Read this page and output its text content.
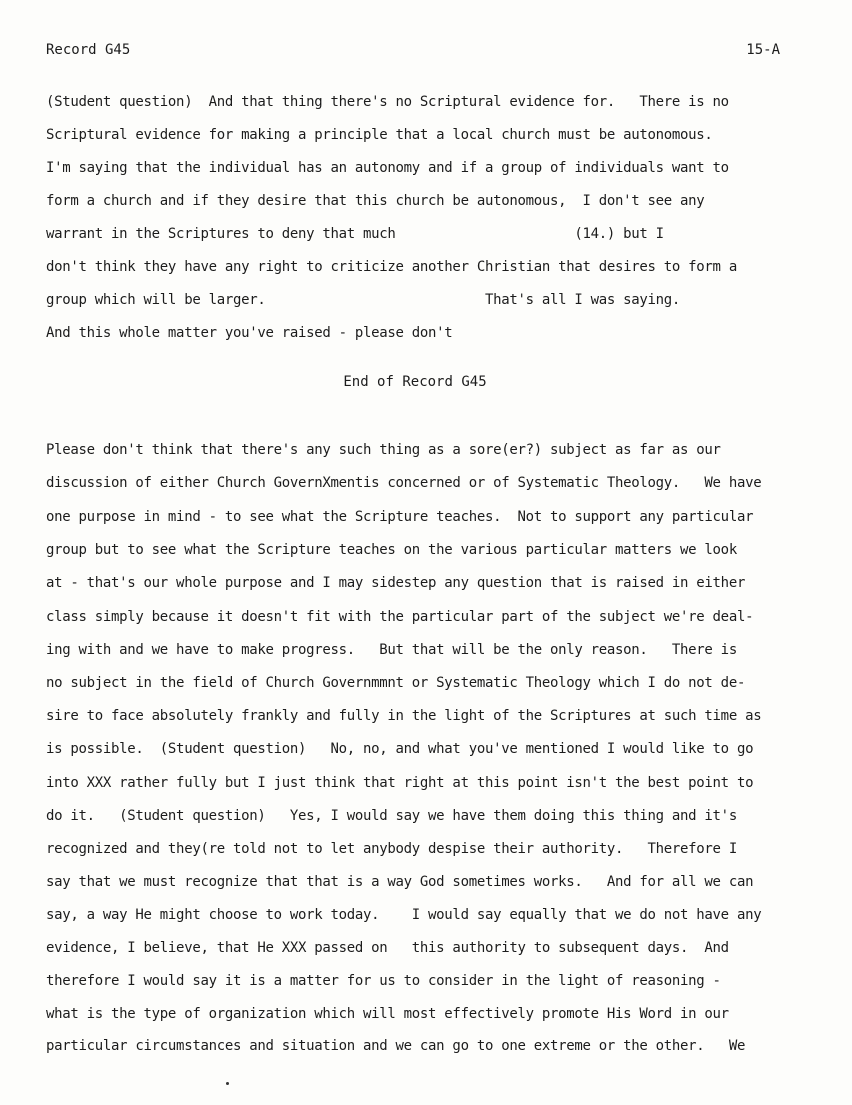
Record G45	15-A
(Student question)  And that thing there's no Scriptural evidence for.   There is no
Scriptural evidence for making a principle that a local church must be autonomous.
I'm saying that the individual has an autonomy and if a group of individuals want to
form a church and if they desire that this church be autonomous,  I don't see any
warrant in the Scriptures to deny that much                      (14.) but I
don't think they have any right to criticize another Christian that desires to form a
group which will be larger.                           That's all I was saying.
And this whole matter you've raised - please don't
End of Record G45
Please don't think that there's any such thing as a sore(er?) subject as far as our
discussion of either Church GovernXmentis concerned or of Systematic Theology.   We have
one purpose in mind - to see what the Scripture teaches.  Not to support any particular
group but to see what the Scripture teaches on the various particular matters we look
at - that's our whole purpose and I may sidestep any question that is raised in either
class simply because it doesn't fit with the particular part of the subject we're deal-
ing with and we have to make progress.   But that will be the only reason.   There is
no subject in the field of Church Governmmnt or Systematic Theology which I do not de-
sire to face absolutely frankly and fully in the light of the Scriptures at such time as
is possible.  (Student question)   No, no, and what you've mentioned I would like to go
into XXX rather fully but I just think that right at this point isn't the best point to
do it.   (Student question)   Yes, I would say we have them doing this thing and it's
recognized and they(re told not to let anybody despise their authority.   Therefore I
say that we must recognize that that is a way God sometimes works.   And for all we can
say, a way He might choose to work today.    I would say equally that we do not have any
evidence, I believe, that He XXX passed on   this authority to subsequent days.  And
therefore I would say it is a matter for us to consider in the light of reasoning -
what is the type of organization which will most effectively promote His Word in our
particular circumstances and situation and we can go to one extreme or the other.   We
